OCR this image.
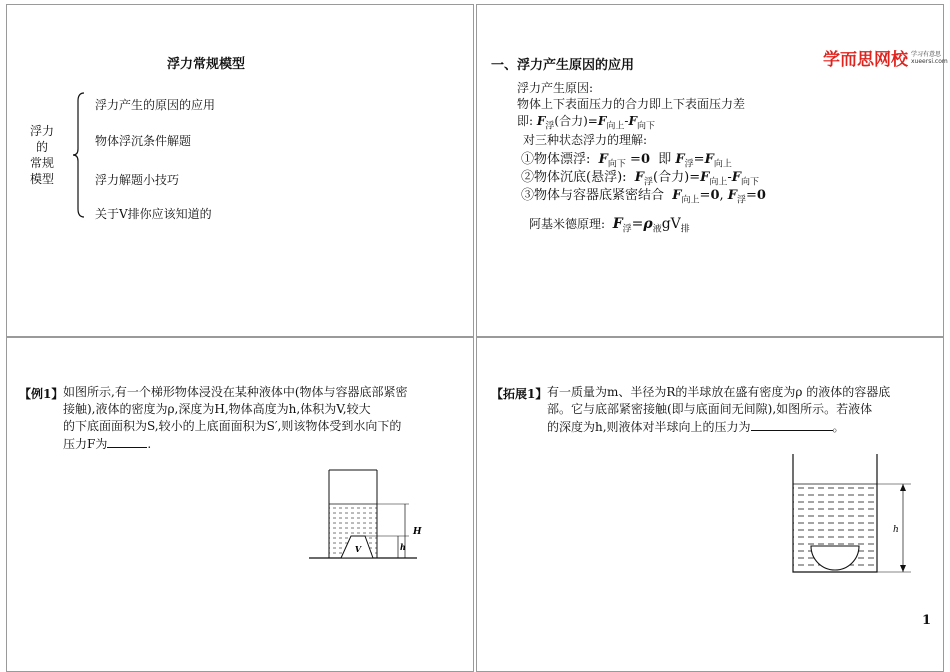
浮力常规模型
浮力
的
常规
模型
浮力产生的原因的应用
物体浮沉条件解题
浮力解题小技巧
关于V排你应该知道的
一、浮力产生原因的应用	学而思网校 学习有意思
xueersi.com
浮力产生原因:
物体上下表面压力的合力即上下表面压力差
即: $F_浮$(合力)$=F_{向上}-F_{向下}$
对三种状态浮力的理解:
①物体漂浮: $F_{向下} =0$ 即 $F_浮=F_{向上}$
②物体沉底(悬浮): $F_浮$(合力)$=F_{向上}-F_{向下}$
③物体与容器底紧密结合 $F_{向上}=0$, $F_浮=0$
阿基米德原理: $F_浮=\rho_液gV_排$
【例1】 如图所示,有一个梯形物体浸没在某种液体中(物体与容器底部紧密
接触),液体的密度为ρ,深度为H,物体高度为h,体积为V,较大
的下底面面积为S,较小的上底面面积为S′,则该物体受到水向下的
压力F为	.
V
H
h
【拓展1】 有一质量为m、半径为R的半球放在盛有密度为ρ 的液体的容器底
部。它与底部紧密接触(即与底面间无间隙),如图所示。若液体
的深度为h,则液体对半球向上的压力为	。
h
1
